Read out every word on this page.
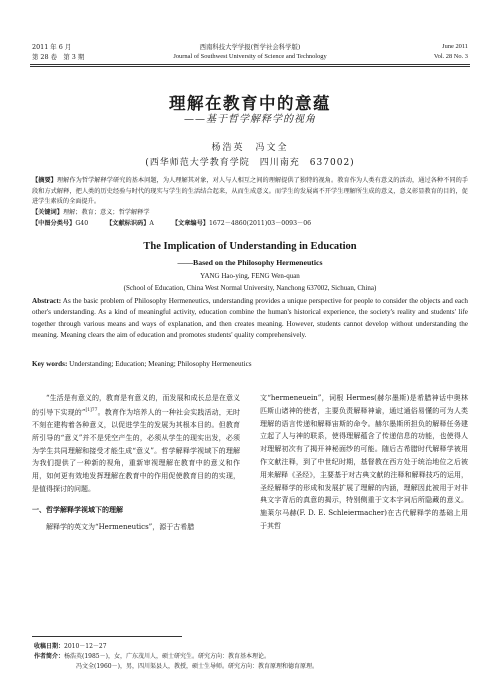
2011 年 6 月
第 28 卷　第 3 期
西南科技大学学报(哲学社会科学版)
Journal of Southwest University of Science and Technology
June 2011
Vol. 28 No. 3
理解在教育中的意蕴
——基于哲学解释学的视角
杨浩英　冯文全
(西华师范大学教育学院　四川南充　637002)
【摘要】理解作为哲学解释学研究的基本问题，为人理解其对象，对人与人相互之间的理解提供了独特的视角。教育作为人类有意义的活动，通过各种不同的手段和方式解释，把人类的历史经验与时代的现实与学生的生活结合起来，从而生成意义。而学生的发展离不开学生理解所生成的意义，意义彰显教育的目的，促进学生素质的全面提升。
【关键词】理解；教育；意义；哲学解释学
【中图分类号】G40	【文献标识码】A	【文章编号】1672－4860(2011)03－0093－06
The Implication of Understanding in Education
——Based on the Philosophy Hermeneutics
YANG Hao-ying, FENG Wen-quan
(School of Education, China West Normal University, Nanchong 637002, Sichuan, China)
Abstract: As the basic problem of Philosophy Hermeneutics, understanding provides a unique perspective for people to consider the objects and each other's understanding. As a kind of meaningful activity, education combine the human's historical experience, the society's reality and students' life together through various means and ways of explanation, and then creates meaning. However, students cannot develop without understanding the meaning. Meaning clears the aim of education and promotes students' quality comprehensively.
Key words: Understanding; Education; Meaning; Philosophy Hermeneutics

“生活是有意义的，教育是有意义的，而发展和成长总是在意义的引导下实现的”$^{[1]77}$。教育作为培养人的一种社会实践活动，无时不刻在建构着各种意义，以促进学生的发展为其根本目的。但教育所引导的“意义”并不是凭空产生的，必须从学生的现实出发，必须为学生共同理解和接受才能生成“意义”。哲学解释学视域下的理解为我们提供了一种新的视角，重新审视理解在教育中的意义和作用，如何更有效地发挥理解在教育中的作用促使教育目的的实现，是值得探讨的问题。

一、哲学解释学视域下的理解

解释学的英文为“Hermeneutics”，源于古希腊

文“hermeneuein”，词根 Hermes(赫尔墨斯)是希腊神话中奥林匹斯山诸神的使者，主要负责解释神谕，通过通俗易懂的可为人类理解的语言传递和解释宙斯的命令。赫尔墨斯所担负的解释任务建立起了人与神的联系，使得理解蕴含了传递信息的功能，也使得人对理解初次有了揭开神秘面纱的可能。随后古希腊时代解释学被用作文献注释，到了中世纪时期，基督教在西方处于统治地位之后被用来解释《圣经》，主要基于对古典文献的注释和解释技巧的运用，圣经解释学的形成和发展扩展了理解的内涵，理解因此被用于对非典文字背后的真意的揭示，特别侧重于文本字词后所隐藏的意义。施莱尔马赫(F. D. E. Schleiermacher)在古代解释学的基础上用于其哲

收稿日期：2010－12－27
作者简介：杨浩英(1985－)，女，广东茂川人，硕士研究生。研究方向：教育基本理论。
冯文全(1960－)，男，四川渠县人，教授，硕士生导师。研究方向：教育原理和德育原理。
